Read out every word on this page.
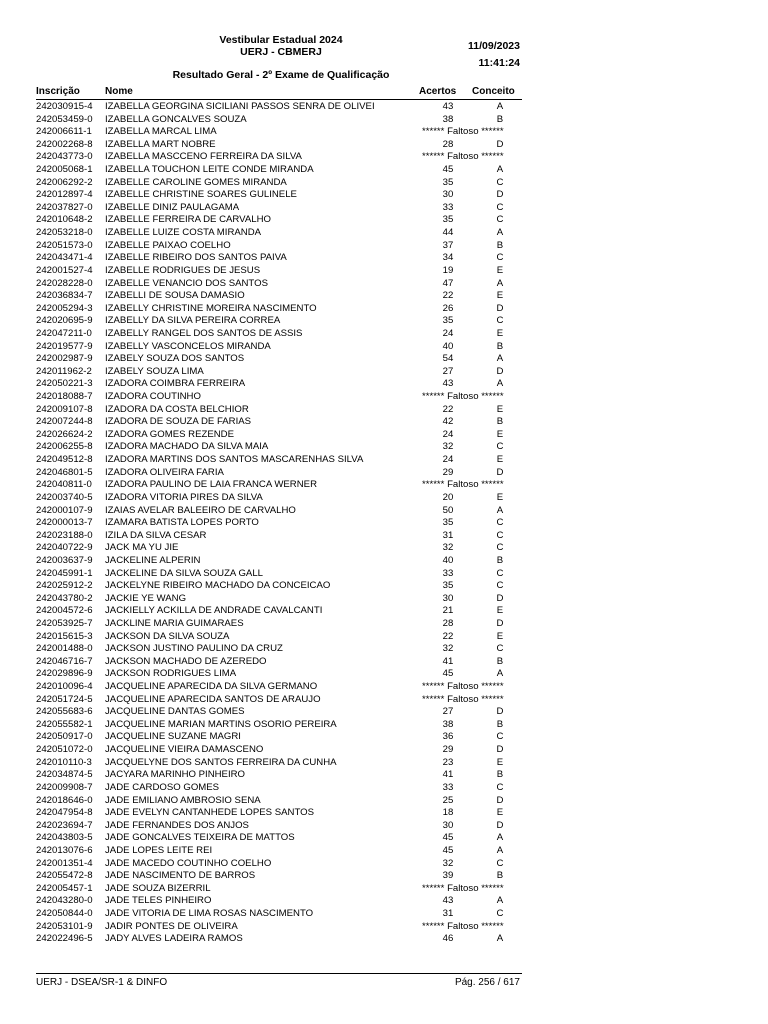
Vestibular Estadual 2024
UERJ - CBMERJ	11/09/2023
11:41:24
Resultado Geral - 2º Exame de Qualificação
Inscrição	Nome	Acertos Conceito
242030915-4	IZABELLA GEORGINA SICILIANI PASSOS SENRA DE OLIVEI	43	A
242053459-0	IZABELLA GONCALVES SOUZA	38	B
242006611-1	IZABELLA MARCAL LIMA	****** Faltoso ******
242002268-8	IZABELLA MART NOBRE	28	D
242043773-0	IZABELLA MASCCENO FERREIRA DA SILVA	****** Faltoso ******
242005068-1	IZABELLA TOUCHON LEITE CONDE MIRANDA	45	A
242006292-2	IZABELLE CAROLINE GOMES MIRANDA	35	C
242012897-4	IZABELLE CHRISTINE SOARES GULINELE	30	D
242037827-0	IZABELLE DINIZ PAULAGAMA	33	C
242010648-2	IZABELLE FERREIRA DE CARVALHO	35	C
242053218-0	IZABELLE LUIZE COSTA MIRANDA	44	A
242051573-0	IZABELLE PAIXAO COELHO	37	B
242043471-4	IZABELLE RIBEIRO DOS SANTOS PAIVA	34	C
242001527-4	IZABELLE RODRIGUES DE JESUS	19	E
242028228-0	IZABELLE VENANCIO DOS SANTOS	47	A
242036834-7	IZABELLI DE SOUSA DAMASIO	22	E
242005294-3	IZABELLY CHRISTINE MOREIRA NASCIMENTO	26	D
242020695-9	IZABELLY DA SILVA PEREIRA CORREA	35	C
242047211-0	IZABELLY RANGEL DOS SANTOS DE ASSIS	24	E
242019577-9	IZABELLY VASCONCELOS MIRANDA	40	B
242002987-9	IZABELY SOUZA DOS SANTOS	54	A
242011962-2	IZABELY SOUZA LIMA	27	D
242050221-3	IZADORA COIMBRA FERREIRA	43	A
242018088-7	IZADORA COUTINHO	****** Faltoso ******
242009107-8	IZADORA DA COSTA BELCHIOR	22	E
242007244-8	IZADORA DE SOUZA DE FARIAS	42	B
242026624-2	IZADORA GOMES REZENDE	24	E
242006255-8	IZADORA MACHADO DA SILVA MAIA	32	C
242049512-8	IZADORA MARTINS DOS SANTOS MASCARENHAS SILVA	24	E
242046801-5	IZADORA OLIVEIRA FARIA	29	D
242040811-0	IZADORA PAULINO DE LAIA FRANCA WERNER	****** Faltoso ******
242003740-5	IZADORA VITORIA PIRES DA SILVA	20	E
242000107-9	IZAIAS AVELAR BALEEIRO DE CARVALHO	50	A
242000013-7	IZAMARA BATISTA LOPES PORTO	35	C
242023188-0	IZILA DA SILVA CESAR	31	C
242040722-9	JACK MA YU JIE	32	C
242003637-9	JACKELINE ALPERIN	40	B
242045991-1	JACKELINE DA SILVA SOUZA GALL	33	C
242025912-2	JACKELYNE RIBEIRO MACHADO DA CONCEICAO	35	C
242043780-2	JACKIE YE WANG	30	D
242004572-6	JACKIELLY ACKILLA DE ANDRADE CAVALCANTI	21	E
242053925-7	JACKLINE MARIA GUIMARAES	28	D
242015615-3	JACKSON DA SILVA SOUZA	22	E
242001488-0	JACKSON JUSTINO PAULINO DA CRUZ	32	C
242046716-7	JACKSON MACHADO DE AZEREDO	41	B
242029896-9	JACKSON RODRIGUES LIMA	45	A
242010096-4	JACQUELINE APARECIDA DA SILVA GERMANO	****** Faltoso ******
242051724-5	JACQUELINE APARECIDA SANTOS DE ARAUJO	****** Faltoso ******
242055683-6	JACQUELINE DANTAS GOMES	27	D
242055582-1	JACQUELINE MARIAN MARTINS OSORIO PEREIRA	38	B
242050917-0	JACQUELINE SUZANE MAGRI	36	C
242051072-0	JACQUELINE VIEIRA DAMASCENO	29	D
242010110-3	JACQUELYNE DOS SANTOS FERREIRA DA CUNHA	23	E
242034874-5	JACYARA MARINHO PINHEIRO	41	B
242009908-7	JADE CARDOSO GOMES	33	C
242018646-0	JADE EMILIANO AMBROSIO SENA	25	D
242047954-8	JADE EVELYN CANTANHEDE LOPES SANTOS	18	E
242023694-7	JADE FERNANDES DOS ANJOS	30	D
242043803-5	JADE GONCALVES TEIXEIRA DE MATTOS	45	A
242013076-6	JADE LOPES LEITE REI	45	A
242001351-4	JADE MACEDO COUTINHO COELHO	32	C
242055472-8	JADE NASCIMENTO DE BARROS	39	B
242005457-1	JADE SOUZA BIZERRIL	****** Faltoso ******
242043280-0	JADE TELES PINHEIRO	43	A
242050844-0	JADE VITORIA DE LIMA ROSAS NASCIMENTO	31	C
242053101-9	JADIR PONTES DE OLIVEIRA	****** Faltoso ******
242022496-5	JADY ALVES LADEIRA RAMOS	46	A
UERJ - DSEA/SR-1 & DINFO	Pág. 256 / 617
